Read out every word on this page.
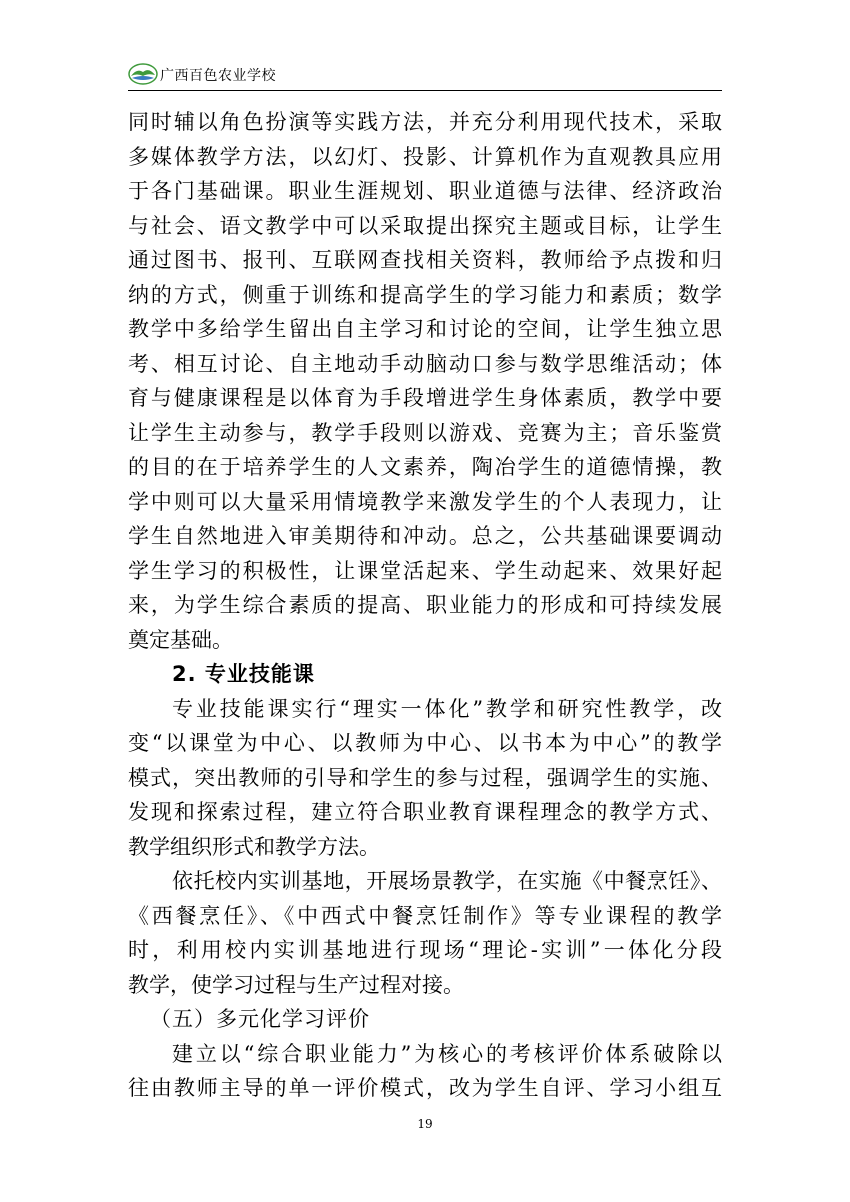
广西百色农业学校
同时辅以角色扮演等实践方法，并充分利用现代技术，采取
多媒体教学方法，以幻灯、投影、计算机作为直观教具应用
于各门基础课。职业生涯规划、职业道德与法律、经济政治
与社会、语文教学中可以采取提出探究主题或目标，让学生
通过图书、报刊、互联网查找相关资料，教师给予点拨和归
纳的方式，侧重于训练和提高学生的学习能力和素质；数学
教学中多给学生留出自主学习和讨论的空间，让学生独立思
考、相互讨论、自主地动手动脑动口参与数学思维活动；体
育与健康课程是以体育为手段增进学生身体素质，教学中要
让学生主动参与，教学手段则以游戏、竞赛为主；音乐鉴赏
的目的在于培养学生的人文素养，陶冶学生的道德情操，教
学中则可以大量采用情境教学来激发学生的个人表现力，让
学生自然地进入审美期待和冲动。总之，公共基础课要调动
学生学习的积极性，让课堂活起来、学生动起来、效果好起
来，为学生综合素质的提高、职业能力的形成和可持续发展
奠定基础。
2. 专业技能课
专业技能课实行“理实一体化”教学和研究性教学，改
变“以课堂为中心、以教师为中心、以书本为中心”的教学
模式，突出教师的引导和学生的参与过程，强调学生的实施、
发现和探索过程，建立符合职业教育课程理念的教学方式、
教学组织形式和教学方法。
依托校内实训基地，开展场景教学，在实施《中餐烹饪》、
《西餐烹任》、《中西式中餐烹饪制作》等专业课程的教学
时，利用校内实训基地进行现场“理论-实训”一体化分段
教学，使学习过程与生产过程对接。
（五）多元化学习评价
建立以“综合职业能力”为核心的考核评价体系破除以
往由教师主导的单一评价模式，改为学生自评、学习小组互
19
